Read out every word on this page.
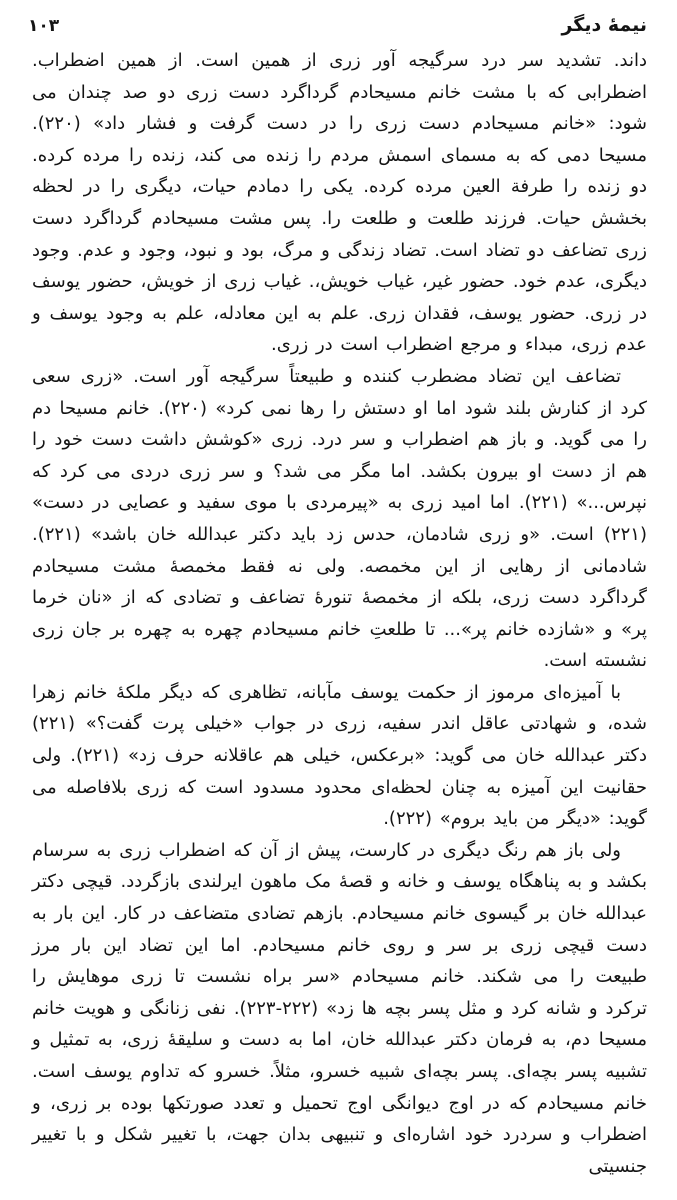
۱۰۳	نیمهٔ دیگر

داند. تشدید سر درد سرگیجه آور زری از همین است. از همین اضطراب. اضطرابی که با مشت خانم مسیحادم گرداگرد دست زری دو صد چندان می شود: «خانم مسیحادم دست زری را در دست گرفت و فشار داد» (۲۲۰). مسیحا دمی که به مسمای اسمش مردم را زنده می کند، زنده را مرده کرده. دو زنده را طرفة العین مرده کرده. یکی را دمادم حیات، دیگری را در لحظه بخشش حیات. فرزند طلعت و طلعت را. پس مشت مسیحادم گرداگرد دست زری تضاعف دو تضاد است. تضاد زندگی و مرگ، بود و نبود، وجود و عدم. وجود دیگری، عدم خود. حضور غیر، غیاب خویش،. غیاب زری از خویش، حضور یوسف در زری. حضور یوسف، فقدان زری. علم به این معادله، علم به وجود یوسف و عدم زری، مبداء و مرجع اضطراب است در زری.

تضاعف این تضاد مضطرب کننده و طبیعتاً سرگیجه آور است. «زری سعی کرد از کنارش بلند شود اما او دستش را رها نمی کرد» (۲۲۰). خانم مسیحا دم را می گوید. و باز هم اضطراب و سر درد. زری «کوشش داشت دست خود را هم از دست او بیرون بکشد. اما مگر می شد؟ و سر زری دردی می کرد که نپرس...» (۲۲۱). اما امید زری به «پیرمردی با موی سفید و عصایی در دست» (۲۲۱) است. «و زری شادمان، حدس زد باید دکتر عبدالله خان باشد» (۲۲۱). شادمانی از رهایی از این مخمصه. ولی نه فقط مخمصهٔ مشت مسیحادم گرداگرد دست زری، بلکه از مخمصهٔ تنورهٔ تضاعف و تضادی که از «نان خرما پر» و «شازده خانم پر»... تا طلعتِ خانم مسیحادم چهره به چهره بر جان زری نشسته است.

با آمیزه‌ای مرموز از حکمت یوسف مآبانه، تظاهری که دیگر ملکهٔ خانم زهرا شده، و شهادتی عاقل اندر سفیه، زری در جواب «خیلی پرت گفت؟» (۲۲۱) دکتر عبدالله خان می گوید: «برعکس، خیلی هم عاقلانه حرف زد» (۲۲۱). ولی حقانیت این آمیزه به چنان لحظه‌ای محدود مسدود است که زری بلافاصله می گوید: «دیگر من باید بروم» (۲۲۲).

ولی باز هم رنگ دیگری در کارست، پیش از آن که اضطراب زری به سرسام بکشد و به پناهگاه یوسف و خانه و قصهٔ مک ماهون ایرلندی بازگردد. قیچی دکتر عبدالله خان بر گیسوی خانم مسیحادم. بازهم تضادی متضاعف در کار. این بار به دست قیچی زری بر سر و روی خانم مسیحادم. اما این تضاد این بار مرز طبیعت را می شکند. خانم مسیحادم «سر براه نشست تا زری موهایش را ترکرد و شانه کرد و مثل پسر بچه ها زد» (۲۲۲-۲۲۳). نفی زنانگی و هویت خانم مسیحا دم، به فرمان دکتر عبدالله خان، اما به دست و سلیقهٔ زری، به تمثیل و تشبیه پسر بچه‌ای. پسر بچه‌ای شبیه خسرو، مثلاً. خسرو که تداوم یوسف است. خانم مسیحادم که در اوج دیوانگی اوج تحمیل و تعدد صورتکها بوده بر زری، و اضطراب و سردرد خود اشاره‌ای و تنبیهی بدان جهت، با تغییر شکل و با تغییر جنسیتی
